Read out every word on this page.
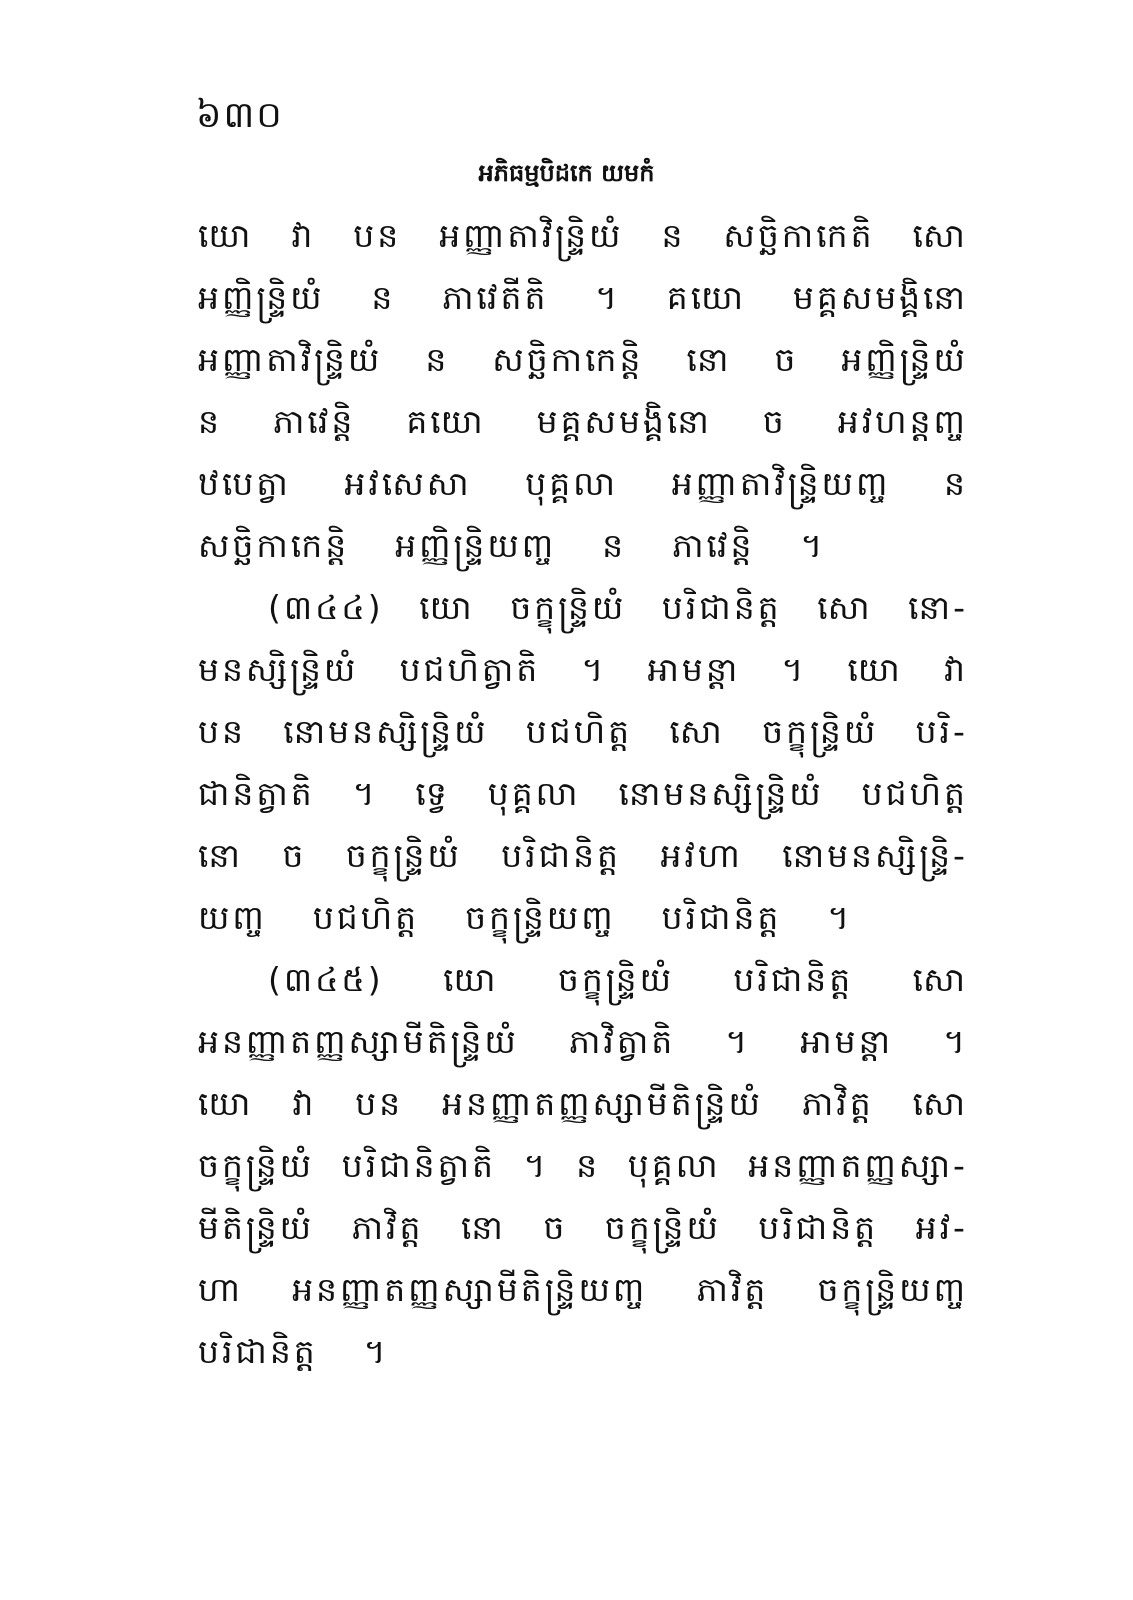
៦៣០
អភិធម្មបិដកេ យមកំ
យោ វា បន អញ្ញាតាវិន្ទ្រិយំ ន សច្ឆិកាកេតិ សោ
អញ្ញិន្ទ្រិយំ ន ភាវេតីតិ ។ គយោ មគ្គសមង្គិនោ
អញ្ញាតាវិន្ទ្រិយំ ន សច្ឆិកាកេន្តិ នោ ច អញ្ញិន្ទ្រិយំ
ន ភាវេន្តិ គយោ មគ្គសមង្គិនោ ច អវហន្តញ្ច
ឋបេត្វា អវសេសា បុគ្គលា អញ្ញាតាវិន្ទ្រិយញ្ច ន
សច្ឆិកាកេន្តិ អញ្ញិន្ទ្រិយញ្ច ន ភាវេន្តិ ។
(៣៤៤) យោ ចក្ខុន្ទ្រិយំ បរិជានិត្ត សោ នោ-
មនស្សិន្ទ្រិយំ បជហិត្វាតិ ។ អាមន្តា ។ យោ វា
បន នោមនស្សិន្ទ្រិយំ បជហិត្ត សោ ចក្ខុន្ទ្រិយំ បរិ-
ជានិត្វាតិ ។ ទ្វេ បុគ្គលា នោមនស្សិន្ទ្រិយំ បជហិត្ត
នោ ច ចក្ខុន្ទ្រិយំ បរិជានិត្ត អវហា នោមនស្សិន្ទ្រិ-
យញ្ច បជហិត្ត ចក្ខុន្ទ្រិយញ្ច បរិជានិត្ត ។
(៣៤៥) យោ ចក្ខុន្ទ្រិយំ បរិជានិត្ត សោ
អនញ្ញាតញ្ញស្សាមីតិន្ទ្រិយំ ភាវិត្វាតិ ។ អាមន្តា ។
យោ វា បន អនញ្ញាតញ្ញស្សាមីតិន្ទ្រិយំ ភាវិត្ត សោ
ចក្ខុន្ទ្រិយំ បរិជានិត្វាតិ ។ ន បុគ្គលា អនញ្ញាតញ្ញស្សា-
មីតិន្ទ្រិយំ ភាវិត្ត នោ ច ចក្ខុន្ទ្រិយំ បរិជានិត្ត អវ-
ហា អនញ្ញាតញ្ញស្សាមីតិន្ទ្រិយញ្ច ភាវិត្ត ចក្ខុន្ទ្រិយញ្ច
បរិជានិត្ត ។
